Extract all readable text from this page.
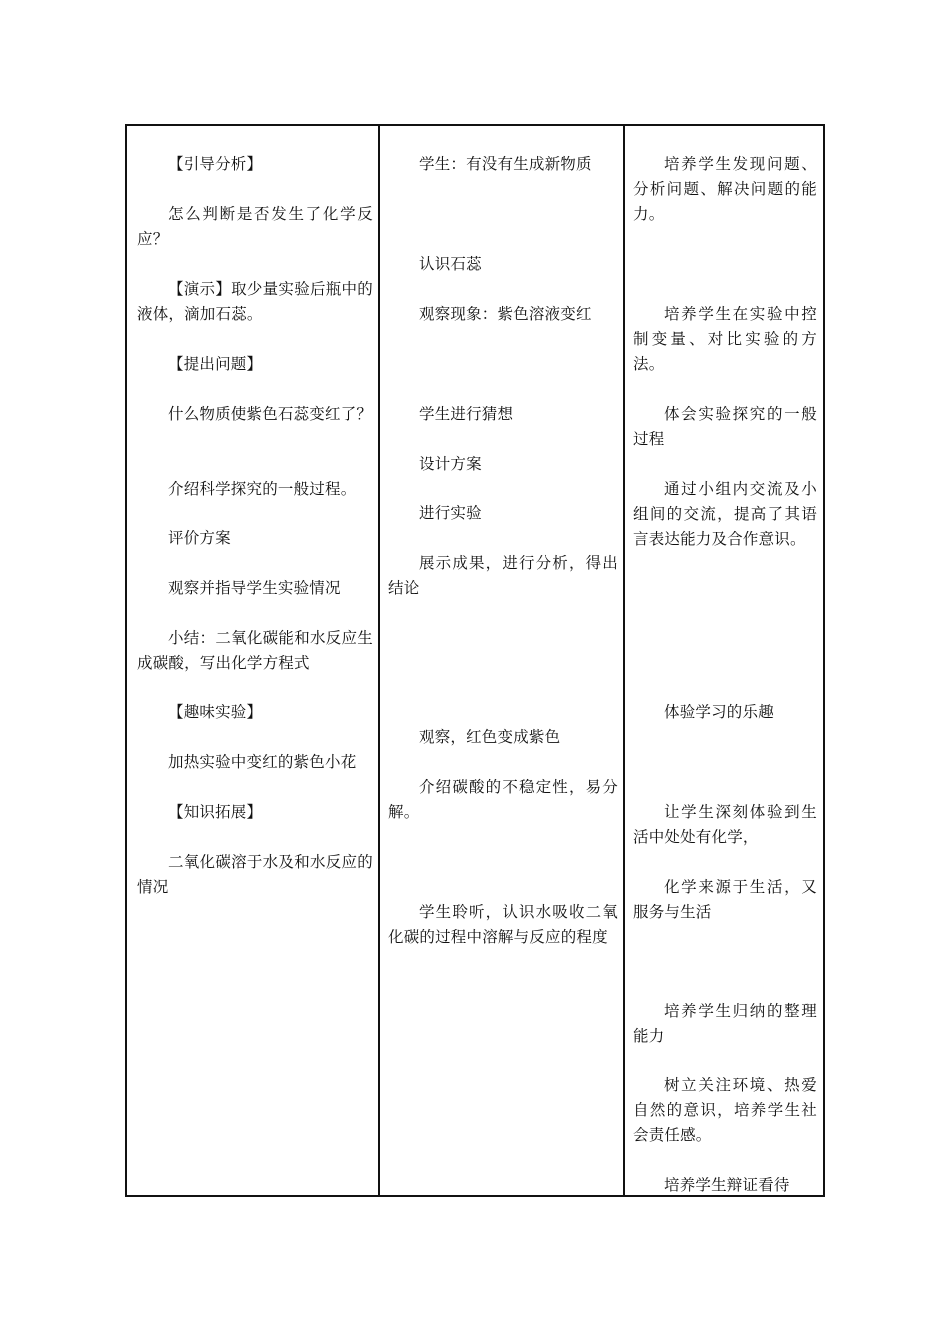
【引导分析】

怎么判断是否发生了化学反应？

【演示】取少量实验后瓶中的液体，滴加石蕊。

【提出问题】

什么物质使紫色石蕊变红了？

介绍科学探究的一般过程。

评价方案

观察并指导学生实验情况

小结：二氧化碳能和水反应生成碳酸，写出化学方程式

【趣味实验】

加热实验中变红的紫色小花

【知识拓展】

二氧化碳溶于水及和水反应的情况

学生：有没有生成新物质

认识石蕊

观察现象：紫色溶液变红

学生进行猜想

设计方案

进行实验

展示成果，进行分析，得出结论

观察，红色变成紫色

介绍碳酸的不稳定性，易分解。

学生聆听，认识水吸收二氧化碳的过程中溶解与反应的程度

培养学生发现问题、分析问题、解决问题的能力。

培养学生在实验中控制变量、对比实验的方法。

体会实验探究的一般过程

通过小组内交流及小组间的交流，提高了其语言表达能力及合作意识。

体验学习的乐趣

让学生深刻体验到生活中处处有化学，

化学来源于生活，又服务与生活

培养学生归纳的整理能力

树立关注环境、热爱自然的意识，培养学生社会责任感。

培养学生辩证看待
